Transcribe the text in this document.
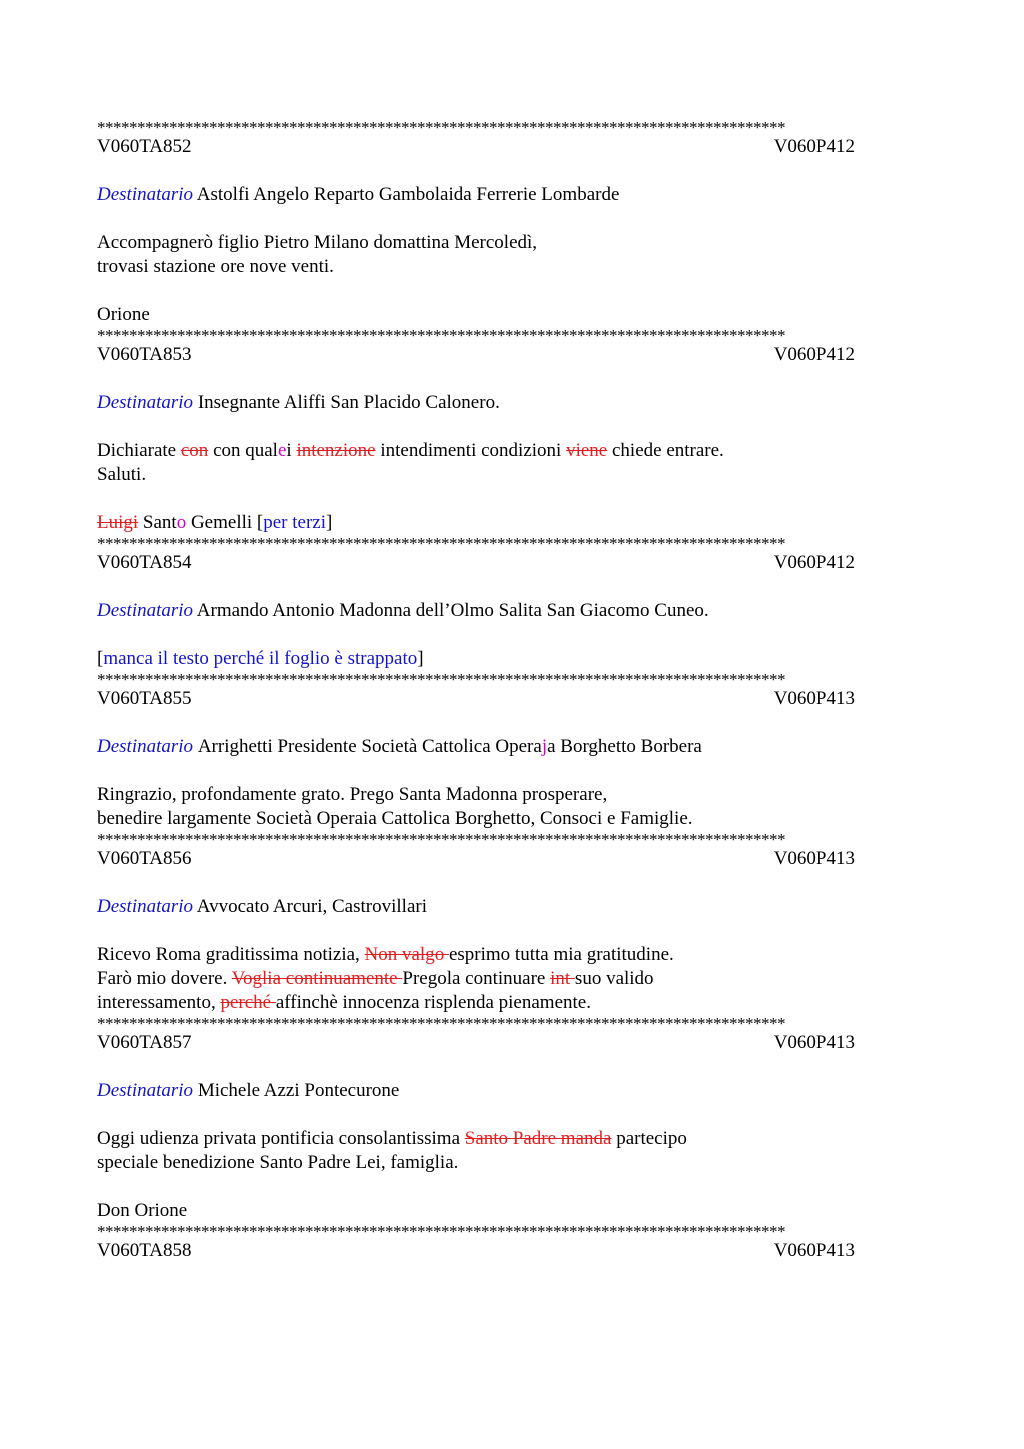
**************************************************************************************
V060TA852	V060P412
Destinatario Astolfi Angelo Reparto Gambolaida Ferrerie Lombarde
Accompagnerò figlio Pietro Milano domattina Mercoledì,
trovasi stazione ore nove venti.
Orione
**************************************************************************************
V060TA853	V060P412
Destinatario Insegnante Aliffi San Placido Calonero.
Dichiarate con con qualei intenzione intendimenti condizioni viene chiede entrare.
Saluti.
Luigi Santo Gemelli [per terzi]
**************************************************************************************
V060TA854	V060P412
Destinatario Armando Antonio Madonna dell’Olmo Salita San Giacomo Cuneo.
[manca il testo perché il foglio è strappato]
**************************************************************************************
V060TA855	V060P413
Destinatario Arrighetti Presidente Società Cattolica Operaja Borghetto Borbera
Ringrazio, profondamente grato. Prego Santa Madonna prosperare,
benedire largamente Società Operaia Cattolica Borghetto, Consoci e Famiglie.
**************************************************************************************
V060TA856	V060P413
Destinatario Avvocato Arcuri, Castrovillari
Ricevo Roma graditissima notizia, Non valgo esprimo tutta mia gratitudine.
Farò mio dovere. Voglia continuamente Pregola continuare int suo valido
interessamento, perché affinchè innocenza risplenda pienamente.
**************************************************************************************
V060TA857	V060P413
Destinatario Michele Azzi Pontecurone
Oggi udienza privata pontificia consolantissima Santo Padre manda partecipo
speciale benedizione Santo Padre Lei, famiglia.
Don Orione
**************************************************************************************
V060TA858	V060P413
